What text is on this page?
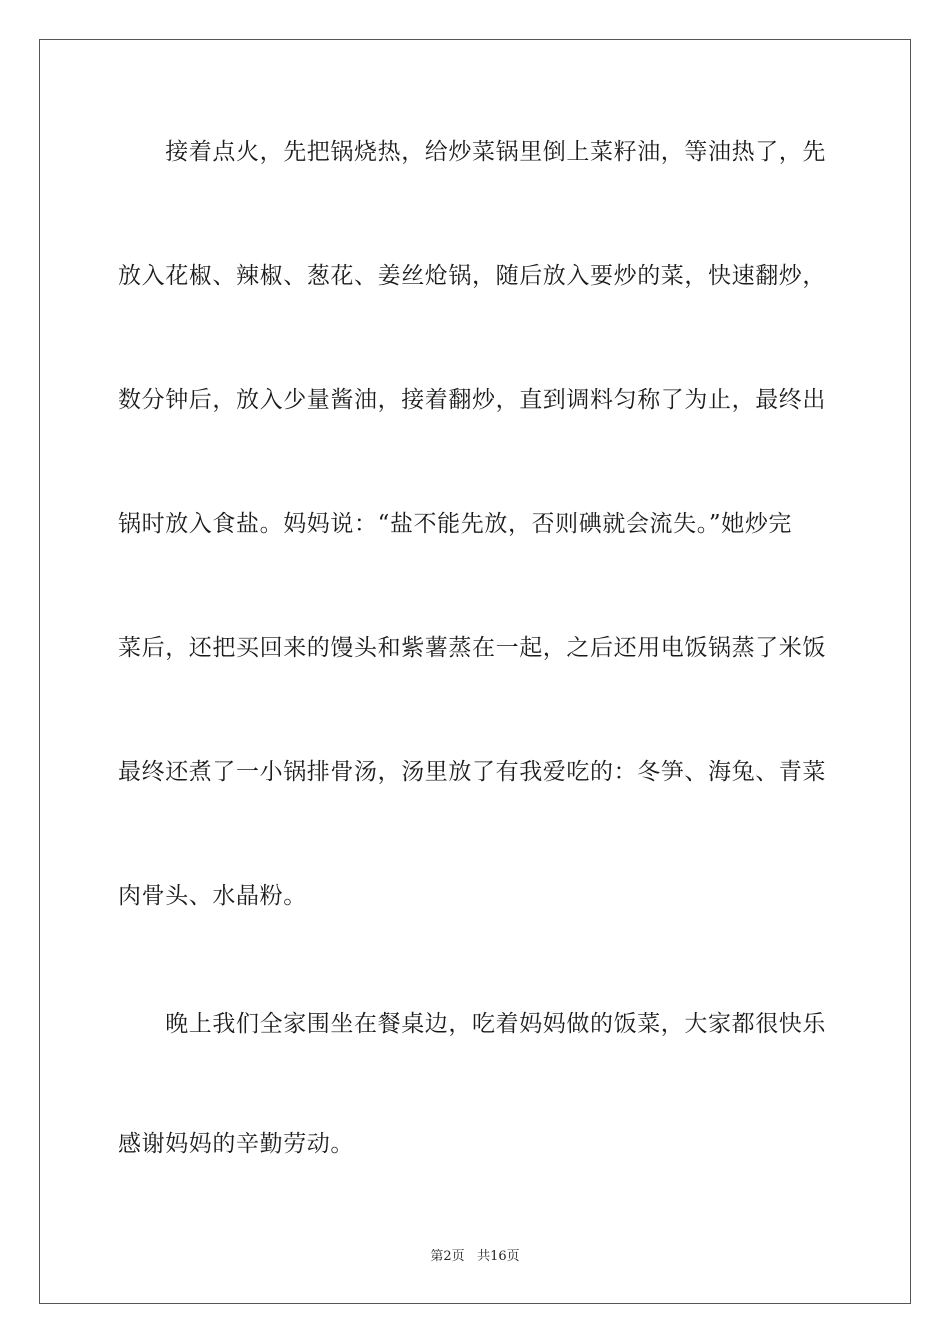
　　接着点火，先把锅烧热，给炒菜锅里倒上菜籽油，等油热了，先
放入花椒、辣椒、葱花、姜丝炝锅，随后放入要炒的菜，快速翻炒，
数分钟后，放入少量酱油，接着翻炒，直到调料匀称了为止，最终出
锅时放入食盐。妈妈说：“盐不能先放，否则碘就会流失。”她炒完
菜后，还把买回来的馒头和紫薯蒸在一起，之后还用电饭锅蒸了米饭
最终还煮了一小锅排骨汤，汤里放了有我爱吃的：冬笋、海兔、青菜
肉骨头、水晶粉。
　　晚上我们全家围坐在餐桌边，吃着妈妈做的饭菜，大家都很快乐
感谢妈妈的辛勤劳动。
第2页 共16页
